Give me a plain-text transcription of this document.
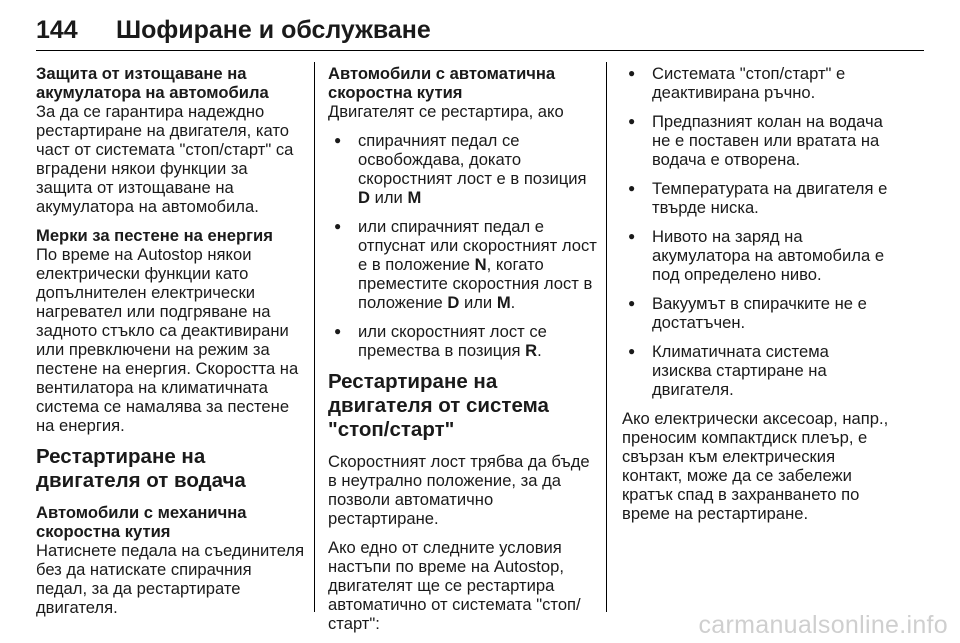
144 Шофиране и обслужване

Защита от изтощаване на акумулатора на автомобила
За да се гарантира надеждно рестартиране на двигателя, като част от системата "стоп/старт" са вградени някои функции за защита от изтощаване на акумулатора на автомобила.

Мерки за пестене на енергия
По време на Autostop някои електрически функции като допълнителен електрически нагревател или подгряване на задното стъкло са деактивирани или превключени на режим за пестене на енергия. Скоростта на вентилатора на климатичната система се намалява за пестене на енергия.

Рестартиране на двигателя от водача

Автомобили с механична скоростна кутия
Натиснете педала на съединителя без да натискате спирачния педал, за да рестартирате двигателя.

Автомобили с автоматична скоростна кутия
Двигателят се рестартира, ако

● спирачният педал се освобождава, докато скоростният лост е в позиция D или M
● или спирачният педал е отпуснат или скоростният лост е в положение N, когато преместите скоростния лост в положение D или M.
● или скоростният лост се премества в позиция R.
Рестартиране на двигателя от система "стоп/старт"

Скоростният лост трябва да бъде в неутрално положение, за да позволи автоматично рестартиране.

Ако едно от следните условия настъпи по време на Autostop, двигателят ще се рестартира автоматично от системата "стоп/старт":

● Системата "стоп/старт" е деактивирана ръчно.
● Предпазният колан на водача не е поставен или вратата на водача е отворена.
● Температурата на двигателя е твърде ниска.
● Нивото на заряд на акумулатора на автомобила е под определено ниво.
● Вакуумът в спирачките не е достатъчен.
● Климатичната система изисква стартиране на двигателя.

Ако електрически аксесоар, напр., преносим компактдиск плеър, е свързан към електрическия контакт, може да се забележи кратък спад в захранването по време на рестартиране.

carmanualsonline.info
